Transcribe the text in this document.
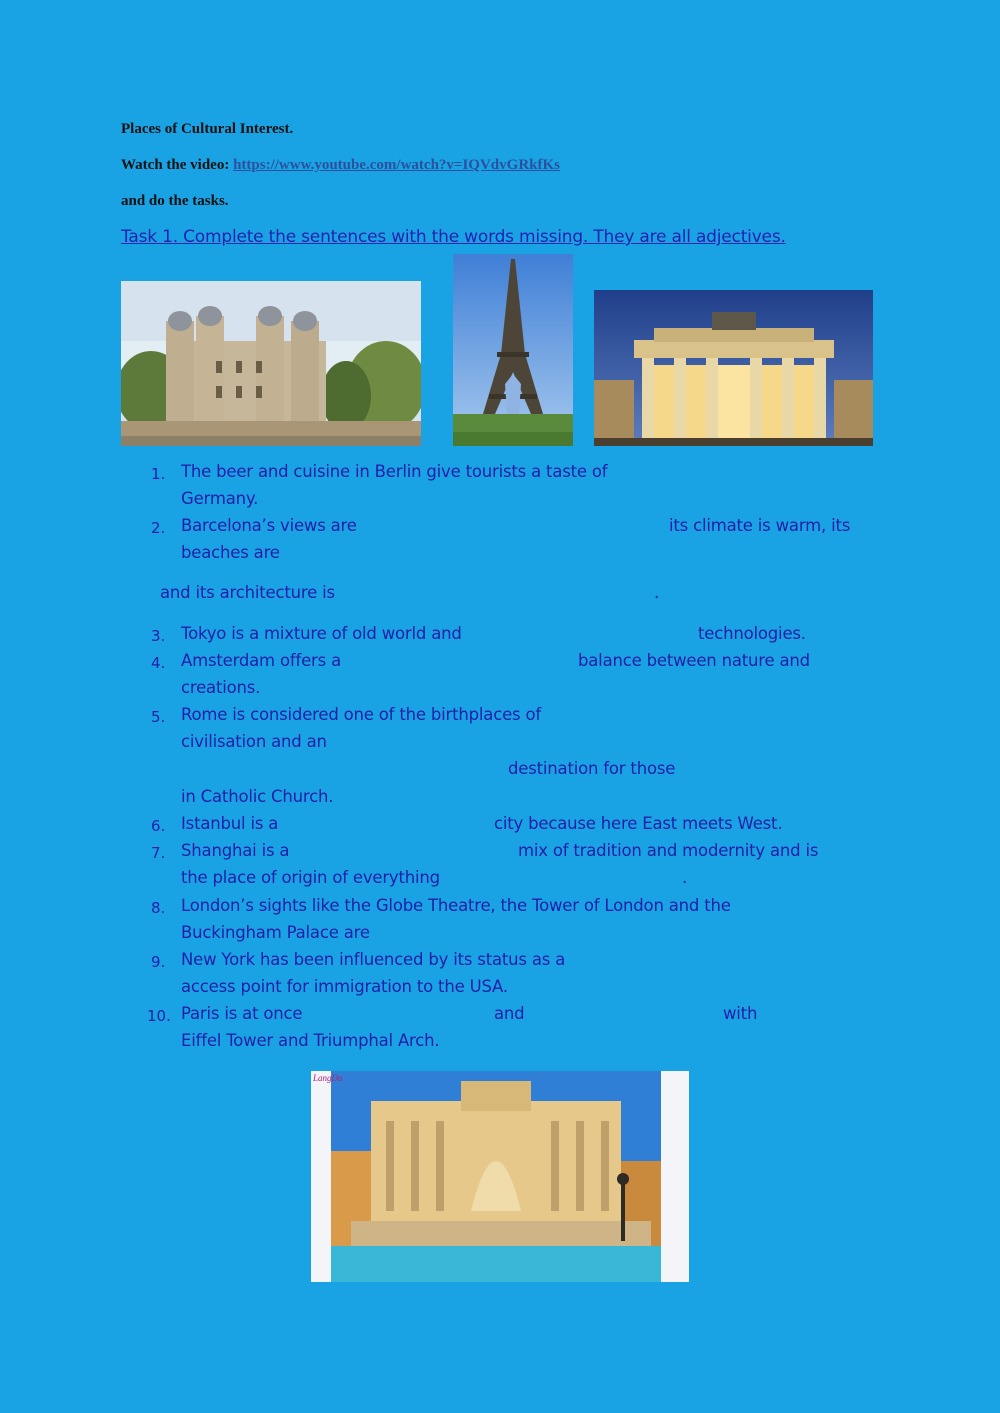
Places of Cultural Interest.
Watch the video: https://www.youtube.com/watch?v=IQVdvGRkfKs
and do the tasks.
Task 1. Complete the sentences with the words missing. They are all adjectives.
1. The beer and cuisine in Berlin give tourists a taste of
Germany.
2. Barcelona’s views are	its climate is warm, its
beaches are
and its architecture is	.
3. Tokyo is a mixture of old world and	technologies.
4. Amsterdam offers a	balance between nature and
creations.
5. Rome is considered one of the birthplaces of
civilisation and an
destination for those
in Catholic Church.
6. Istanbul is a	city because here East meets West.
7. Shanghai is a	mix of tradition and modernity and is
the place of origin of everything	.
8. London’s sights like the Globe Theatre, the Tower of London and the
Buckingham Palace are
9. New York has been influenced by its status as a
access point for immigration to the USA.
10. Paris is at once	and	with
Eiffel Tower and Triumphal Arch.
LangDa
